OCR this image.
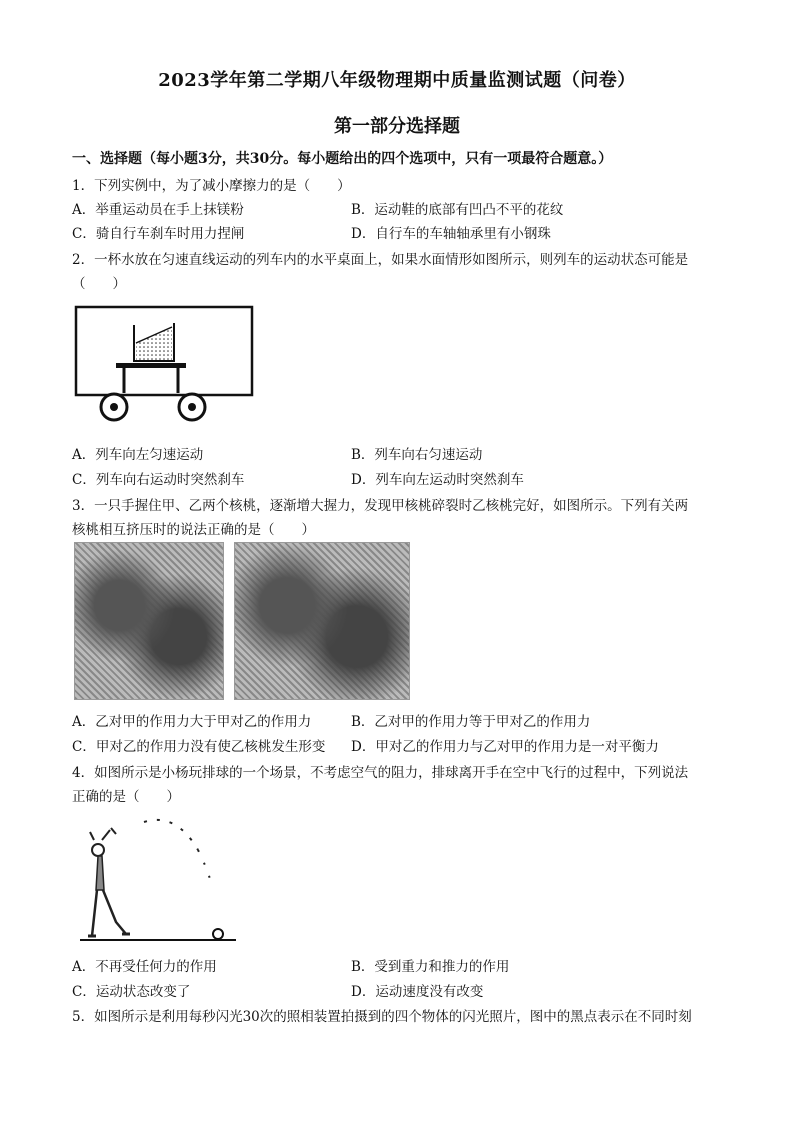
2023学年第二学期八年级物理期中质量监测试题（问卷）
第一部分选择题
一、选择题（每小题3分，共30分。每小题给出的四个选项中，只有一项最符合题意。）
1．下列实例中，为了减小摩擦力的是（　　）
A．举重运动员在手上抹镁粉	B．运动鞋的底部有凹凸不平的花纹
C．骑自行车刹车时用力捏闸	D．自行车的车轴轴承里有小钢珠
2．一杯水放在匀速直线运动的列车内的水平桌面上，如果水面情形如图所示，则列车的运动状态可能是
（　　）
A．列车向左匀速运动	B．列车向右匀速运动
C．列车向右运动时突然刹车	D．列车向左运动时突然刹车
3．一只手握住甲、乙两个核桃，逐渐增大握力，发现甲核桃碎裂时乙核桃完好，如图所示。下列有关两
核桃相互挤压时的说法正确的是（　　）
A．乙对甲的作用力大于甲对乙的作用力	B．乙对甲的作用力等于甲对乙的作用力
C．甲对乙的作用力没有使乙核桃发生形变 D．甲对乙的作用力与乙对甲的作用力是一对平衡力
4．如图所示是小杨玩排球的一个场景，不考虑空气的阻力，排球离开手在空中飞行的过程中，下列说法
正确的是（　　）
A．不再受任何力的作用	B．受到重力和推力的作用
C．运动状态改变了	D．运动速度没有改变
5．如图所示是利用每秒闪光30次的照相装置拍摄到的四个物体的闪光照片，图中的黑点表示在不同时刻
